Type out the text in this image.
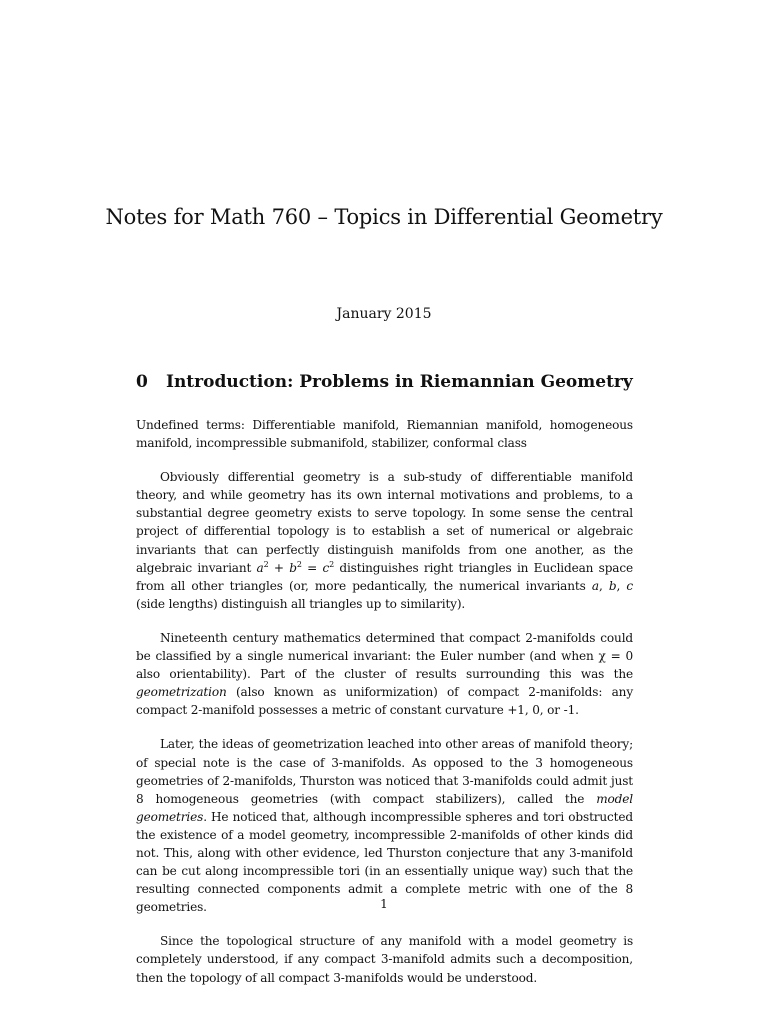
Notes for Math 760 – Topics in Differential Geometry
January 2015
0	Introduction: Problems in Riemannian Geometry

Undefined terms: Differentiable manifold, Riemannian manifold, homogeneous manifold, incompressible submanifold, stabilizer, conformal class

Obviously differential geometry is a sub-study of differentiable manifold theory, and while geometry has its own internal motivations and problems, to a substantial degree geometry exists to serve topology. In some sense the central project of differential topology is to establish a set of numerical or algebraic invariants that can perfectly distinguish manifolds from one another, as the algebraic invariant $a^2 + b^2 = c^2$ distinguishes right triangles in Euclidean space from all other triangles (or, more pedantically, the numerical invariants a, b, c (side lengths) distinguish all triangles up to similarity).

Nineteenth century mathematics determined that compact 2-manifolds could be classified by a single numerical invariant: the Euler number (and when χ = 0 also orientability). Part of the cluster of results surrounding this was the geometrization (also known as uniformization) of compact 2-manifolds: any compact 2-manifold possesses a metric of constant curvature +1, 0, or -1.

Later, the ideas of geometrization leached into other areas of manifold theory; of special note is the case of 3-manifolds. As opposed to the 3 homogeneous geometries of 2-manifolds, Thurston was noticed that 3-manifolds could admit just 8 homogeneous geometries (with compact stabilizers), called the model geometries. He noticed that, although incompressible spheres and tori obstructed the existence of a model geometry, incompressible 2-manifolds of other kinds did not. This, along with other evidence, led Thurston conjecture that any 3-manifold can be cut along incompressible tori (in an essentially unique way) such that the resulting connected components admit a complete metric with one of the 8 geometries.

Since the topological structure of any manifold with a model geometry is completely understood, if any compact 3-manifold admits such a decomposition, then the topology of all compact 3-manifolds would be understood.

1
